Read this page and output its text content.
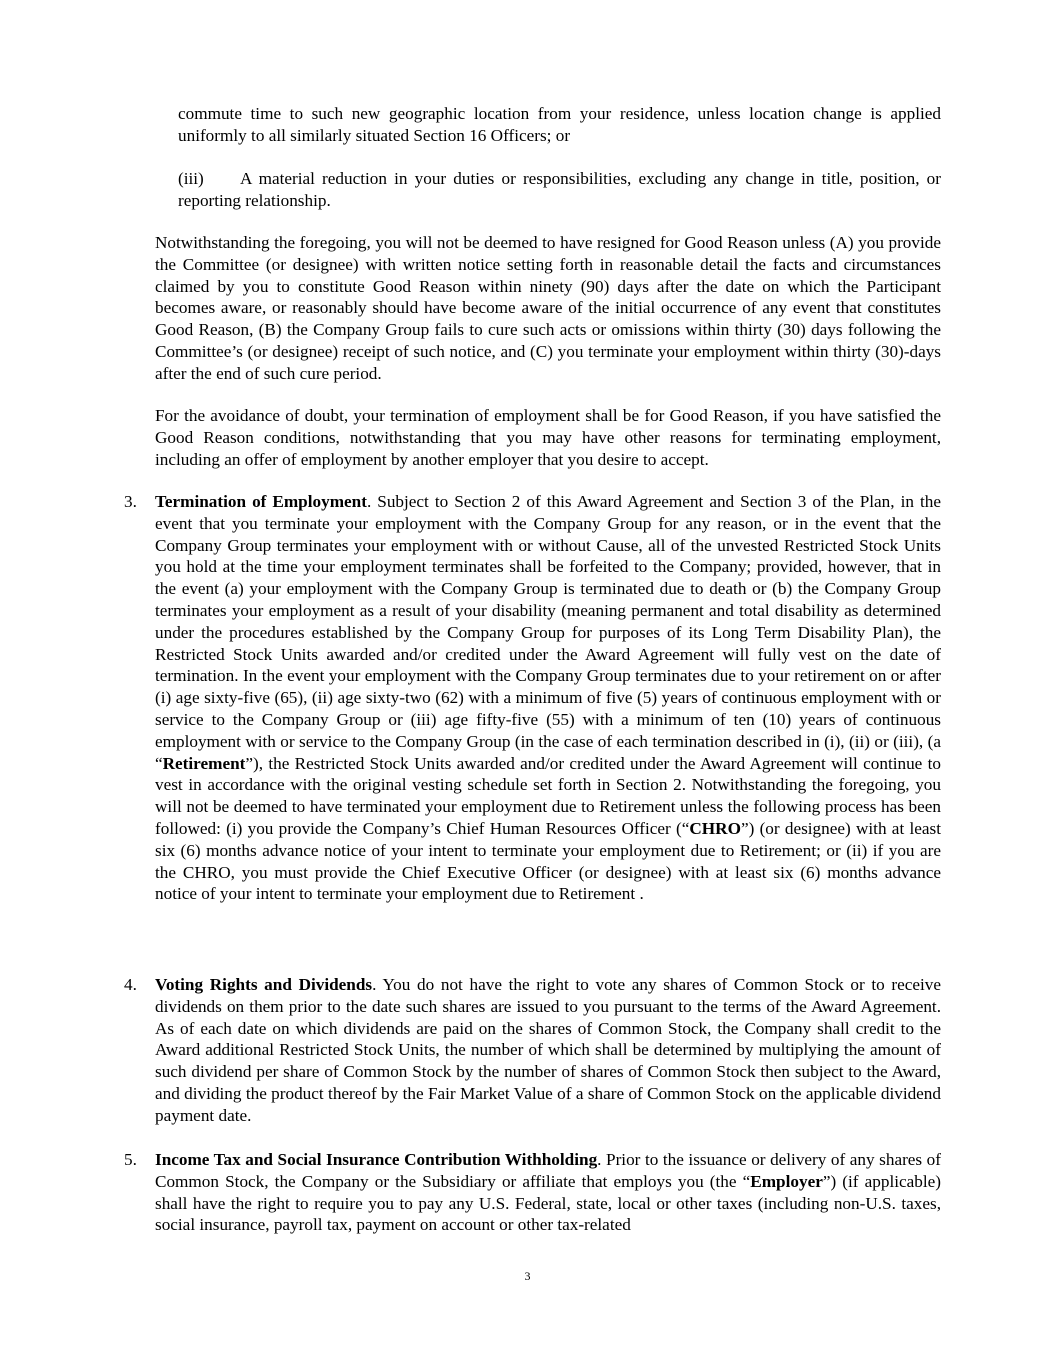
commute time to such new geographic location from your residence, unless location change is applied uniformly to all similarly situated Section 16 Officers; or

(iii)	A material reduction in your duties or responsibilities, excluding any change in title, position, or reporting relationship.

Notwithstanding the foregoing, you will not be deemed to have resigned for Good Reason unless (A) you provide the Committee (or designee) with written notice setting forth in reasonable detail the facts and circumstances claimed by you to constitute Good Reason within ninety (90) days after the date on which the Participant becomes aware, or reasonably should have become aware of the initial occurrence of any event that constitutes Good Reason, (B) the Company Group fails to cure such acts or omissions within thirty (30) days following the Committee’s (or designee) receipt of such notice, and (C) you terminate your employment within thirty (30)-days after the end of such cure period.

For the avoidance of doubt, your termination of employment shall be for Good Reason, if you have satisfied the Good Reason conditions, notwithstanding that you may have other reasons for terminating employment, including an offer of employment by another employer that you desire to accept.

3. Termination of Employment. Subject to Section 2 of this Award Agreement and Section 3 of the Plan, in the event that you terminate your employment with the Company Group for any reason, or in the event that the Company Group terminates your employment with or without Cause, all of the unvested Restricted Stock Units you hold at the time your employment terminates shall be forfeited to the Company; provided, however, that in the event (a) your employment with the Company Group is terminated due to death or (b) the Company Group terminates your employment as a result of your disability (meaning permanent and total disability as determined under the procedures established by the Company Group for purposes of its Long Term Disability Plan), the Restricted Stock Units awarded and/or credited under the Award Agreement will fully vest on the date of termination. In the event your employment with the Company Group terminates due to your retirement on or after (i) age sixty-five (65), (ii) age sixty-two (62) with a minimum of five (5) years of continuous employment with or service to the Company Group or (iii) age fifty-five (55) with a minimum of ten (10) years of continuous employment with or service to the Company Group (in the case of each termination described in (i), (ii) or (iii), (a “Retirement”), the Restricted Stock Units awarded and/or credited under the Award Agreement will continue to vest in accordance with the original vesting schedule set forth in Section 2. Notwithstanding the foregoing, you will not be deemed to have terminated your employment due to Retirement unless the following process has been followed: (i) you provide the Company’s Chief Human Resources Officer (“CHRO”) (or designee) with at least six (6) months advance notice of your intent to terminate your employment due to Retirement; or (ii) if you are the CHRO, you must provide the Chief Executive Officer (or designee) with at least six (6) months advance notice of your intent to terminate your employment due to Retirement .

4. Voting Rights and Dividends. You do not have the right to vote any shares of Common Stock or to receive dividends on them prior to the date such shares are issued to you pursuant to the terms of the Award Agreement. As of each date on which dividends are paid on the shares of Common Stock, the Company shall credit to the Award additional Restricted Stock Units, the number of which shall be determined by multiplying the amount of such dividend per share of Common Stock by the number of shares of Common Stock then subject to the Award, and dividing the product thereof by the Fair Market Value of a share of Common Stock on the applicable dividend payment date.

5. Income Tax and Social Insurance Contribution Withholding. Prior to the issuance or delivery of any shares of Common Stock, the Company or the Subsidiary or affiliate that employs you (the “Employer”) (if applicable) shall have the right to require you to pay any U.S. Federal, state, local or other taxes (including non-U.S. taxes, social insurance, payroll tax, payment on account or other tax-related

3
